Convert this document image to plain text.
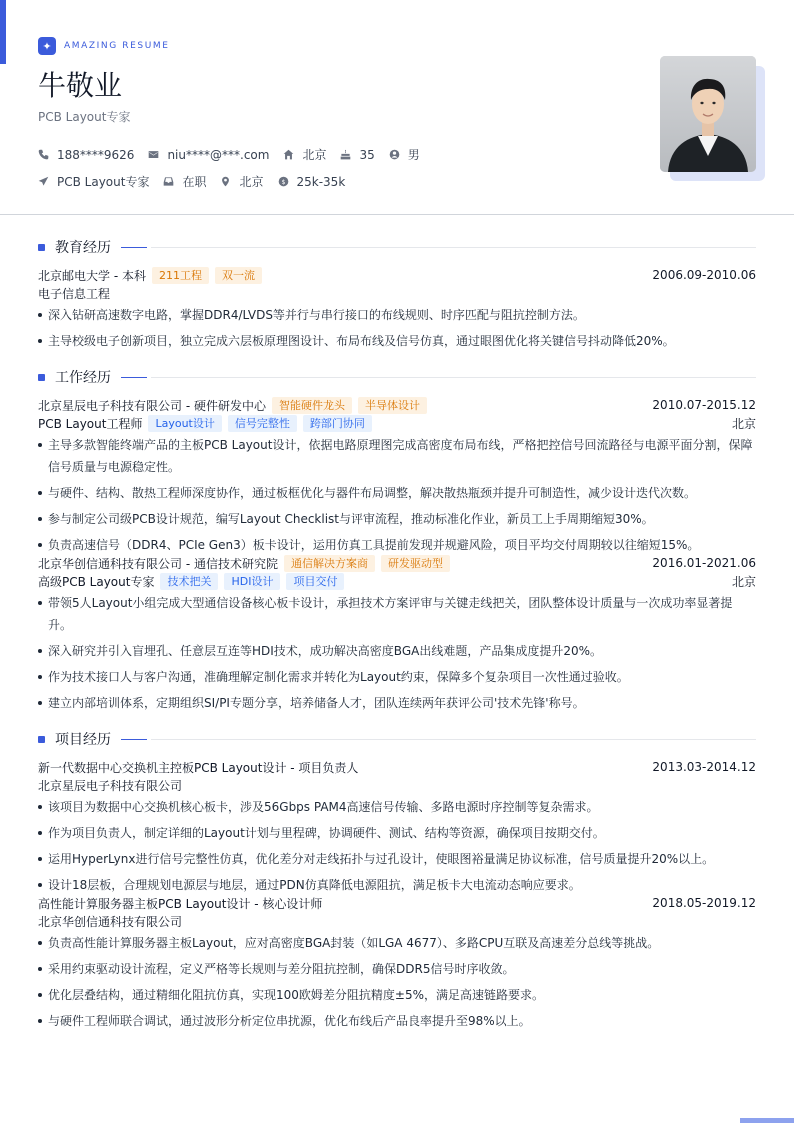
✦	AMAZING RESUME
牛敬业
PCB Layout专家
188****9626	niu****@***.com	北京	35	男
PCB Layout专家	在职	北京 $ 25k-35k
教育经历
北京邮电大学 - 本科	211工程	双一流	2006.09-2010.06
电子信息工程
深入钻研高速数字电路，掌握DDR4/LVDS等并行与串行接口的布线规则、时序匹配与阻抗控制方法。
主导校级电子创新项目，独立完成六层板原理图设计、布局布线及信号仿真，通过眼图优化将关键信号抖动降低20%。
工作经历
北京星辰电子科技有限公司 - 硬件研发中心	智能硬件龙头	半导体设计	2010.07-2015.12
PCB Layout工程师	Layout设计	信号完整性	跨部门协同	北京
主导多款智能终端产品的主板PCB Layout设计，依据电路原理图完成高密度布局布线，严格把控信号回流路径与电源平面分割，保障信号质量与电源稳定性。
与硬件、结构、散热工程师深度协作，通过板框优化与器件布局调整，解决散热瓶颈并提升可制造性，减少设计迭代次数。
参与制定公司级PCB设计规范，编写Layout Checklist与评审流程，推动标准化作业，新员工上手周期缩短30%。
负责高速信号（DDR4、PCIe Gen3）板卡设计，运用仿真工具提前发现并规避风险，项目平均交付周期较以往缩短15%。
北京华创信通科技有限公司 - 通信技术研究院	通信解决方案商	研发驱动型	2016.01-2021.06
高级PCB Layout专家	技术把关	HDI设计	项目交付	北京
带领5人Layout小组完成大型通信设备核心板卡设计，承担技术方案评审与关键走线把关，团队整体设计质量与一次成功率显著提升。
深入研究并引入盲埋孔、任意层互连等HDI技术，成功解决高密度BGA出线难题，产品集成度提升20%。
作为技术接口人与客户沟通，准确理解定制化需求并转化为Layout约束，保障多个复杂项目一次性通过验收。
建立内部培训体系，定期组织SI/PI专题分享，培养储备人才，团队连续两年获评公司'技术先锋'称号。
项目经历
新一代数据中心交换机主控板PCB Layout设计 - 项目负责人	2013.03-2014.12
北京星辰电子科技有限公司
该项目为数据中心交换机核心板卡，涉及56Gbps PAM4高速信号传输、多路电源时序控制等复杂需求。
作为项目负责人，制定详细的Layout计划与里程碑，协调硬件、测试、结构等资源，确保项目按期交付。
运用HyperLynx进行信号完整性仿真，优化差分对走线拓扑与过孔设计，使眼图裕量满足协议标准，信号质量提升20%以上。
设计18层板，合理规划电源层与地层，通过PDN仿真降低电源阻抗，满足板卡大电流动态响应要求。
高性能计算服务器主板PCB Layout设计 - 核心设计师	2018.05-2019.12
北京华创信通科技有限公司
负责高性能计算服务器主板Layout，应对高密度BGA封装（如LGA 4677）、多路CPU互联及高速差分总线等挑战。
采用约束驱动设计流程，定义严格等长规则与差分阻抗控制，确保DDR5信号时序收敛。
优化层叠结构，通过精细化阻抗仿真，实现100欧姆差分阻抗精度±5%，满足高速链路要求。
与硬件工程师联合调试，通过波形分析定位串扰源，优化布线后产品良率提升至98%以上。
